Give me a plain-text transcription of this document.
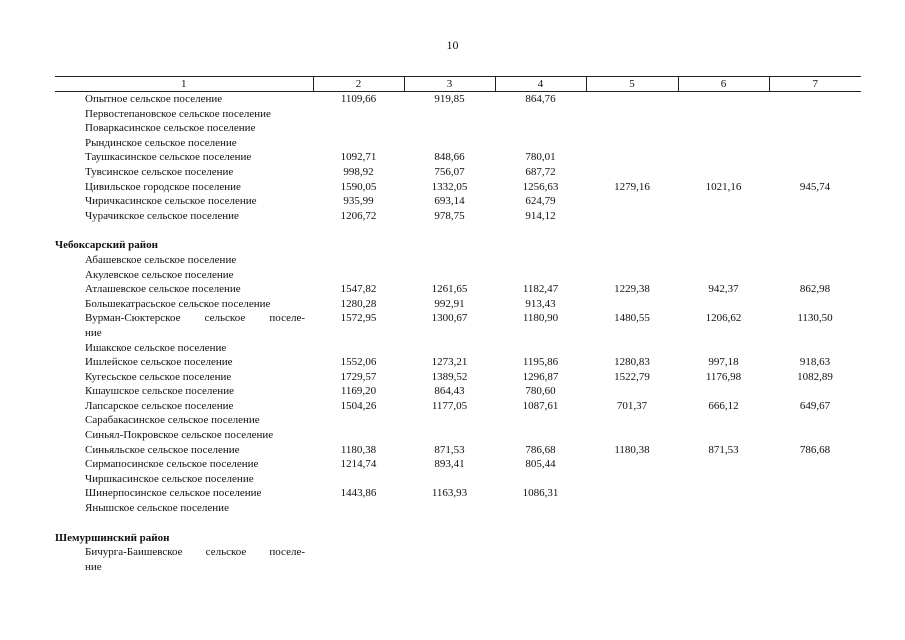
10
1	2	3	4	5	6	7

Опытное сельское поселение	1109,66	919,85	864,76			

Первостепановское сельское поселение						

Поваркасинское сельское поселение						

Рындинское сельское поселение						

Таушкасинское сельское поселение	1092,71	848,66	780,01			

Тувсинское сельское поселение	998,92	756,07	687,72			

Цивильское городское поселение	1590,05	1332,05	1256,63	1279,16	1021,16	945,74

Чиричкасинское сельское поселение	935,99	693,14	624,79			

Чурачикское сельское поселение	1206,72	978,75	914,12			

Чебоксарский район						

Абашевское сельское поселение						

Акулевское сельское поселение						

Атлашевское сельское поселение	1547,82	1261,65	1182,47	1229,38	942,37	862,98

Большекатрасьское сельское поселение	1280,28	992,91	913,43			

Вурман-Сюктерское сельское поселе-
ние	1572,95	1300,67	1180,90	1480,55	1206,62	1130,50

Ишакское сельское поселение						

Ишлейское сельское поселение	1552,06	1273,21	1195,86	1280,83	997,18	918,63

Кугесьское сельское поселение	1729,57	1389,52	1296,87	1522,79	1176,98	1082,89

Кшаушское сельское поселение	1169,20	864,43	780,60			

Лапсарское сельское поселение	1504,26	1177,05	1087,61	701,37	666,12	649,67

Сарабакасинское сельское поселение						

Синьял-Покровское сельское поселение						

Синьяльское сельское поселение	1180,38	871,53	786,68	1180,38	871,53	786,68

Сирмапосинское сельское поселение	1214,74	893,41	805,44			

Чиршкасинское сельское поселение						

Шинерпосинское сельское поселение	1443,86	1163,93	1086,31			

Янышское сельское поселение						

Шемуршинский район						

Бичурга-Баишевское сельское поселе-
ние						
